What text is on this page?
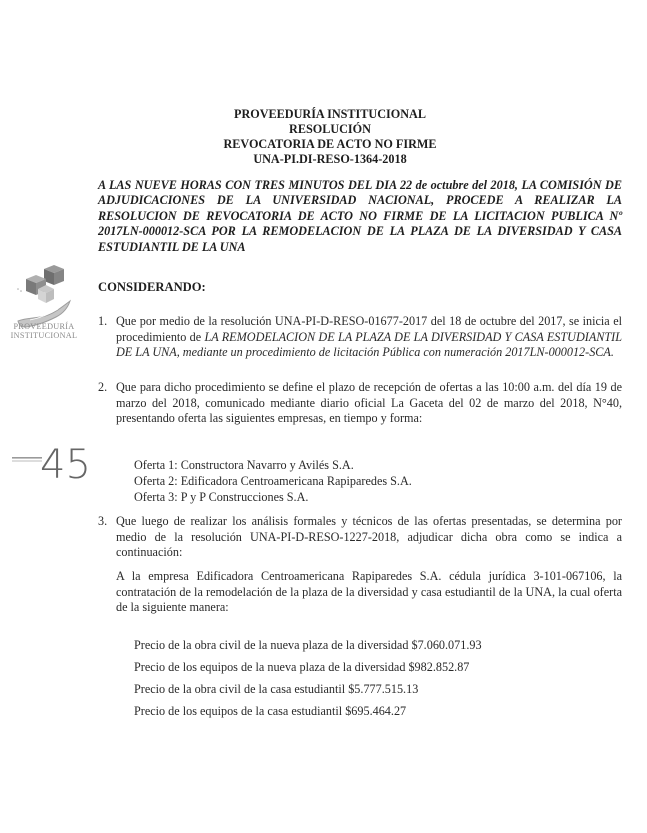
PROVEEDURÍA
INSTITUCIONAL
45
PROVEEDURÍA INSTITUCIONAL
RESOLUCIÓN
REVOCATORIA DE ACTO NO FIRME
UNA-PI.DI-RESO-1364-2018
A LAS NUEVE HORAS CON TRES MINUTOS DEL DIA 22 de octubre del 2018, LA COMISIÓN DE ADJUDICACIONES DE LA UNIVERSIDAD NACIONAL, PROCEDE A REALIZAR LA RESOLUCION DE REVOCATORIA DE ACTO NO FIRME DE LA LICITACION PUBLICA Nº 2017LN-000012-SCA POR LA REMODELACION DE LA PLAZA DE LA DIVERSIDAD Y CASA ESTUDIANTIL DE LA UNA
CONSIDERANDO:
1. Que por medio de la resolución UNA-PI-D-RESO-01677-2017 del 18 de octubre del 2017, se inicia el procedimiento de LA REMODELACION DE LA PLAZA DE LA DIVERSIDAD Y CASA ESTUDIANTIL DE LA UNA, mediante un procedimiento de licitación Pública con numeración 2017LN-000012-SCA.
2. Que para dicho procedimiento se define el plazo de recepción de ofertas a las 10:00 a.m. del día 19 de marzo del 2018, comunicado mediante diario oficial La Gaceta del 02 de marzo del 2018, N°40, presentando oferta las siguientes empresas, en tiempo y forma:
Oferta 1: Constructora Navarro y Avilés S.A.
Oferta 2: Edificadora Centroamericana Rapiparedes S.A.
Oferta 3: P y P Construcciones S.A.
3. Que luego de realizar los análisis formales y técnicos de las ofertas presentadas, se determina por medio de la resolución UNA-PI-D-RESO-1227-2018, adjudicar dicha obra como se indica a continuación:
A la empresa Edificadora Centroamericana Rapiparedes S.A. cédula jurídica 3-101-067106, la contratación de la remodelación de la plaza de la diversidad y casa estudiantil de la UNA, la cual oferta de la siguiente manera:
Precio de la obra civil de la nueva plaza de la diversidad $7.060.071.93
Precio de los equipos de la nueva plaza de la diversidad $982.852.87
Precio de la obra civil de la casa estudiantil $5.777.515.13
Precio de los equipos de la casa estudiantil $695.464.27
